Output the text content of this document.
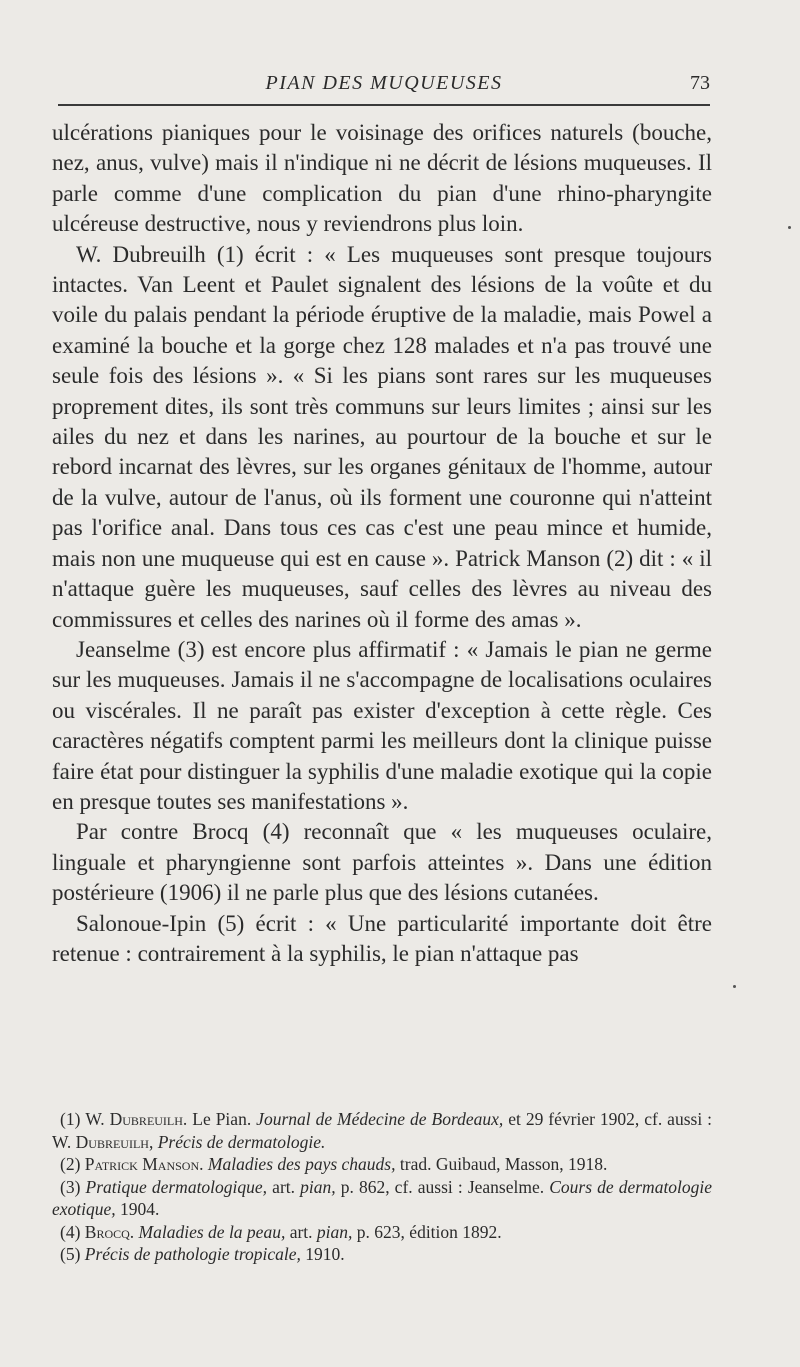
PIAN DES MUQUEUSES	73

ulcérations pianiques pour le voisinage des orifices naturels (bouche, nez, anus, vulve) mais il n'indique ni ne décrit de lésions muqueuses. Il parle comme d'une complication du pian d'une rhino-pharyngite ulcéreuse destructive, nous y reviendrons plus loin.

W. Dubreuilh (1) écrit : « Les muqueuses sont presque toujours intactes. Van Leent et Paulet signalent des lésions de la voûte et du voile du palais pendant la période éruptive de la maladie, mais Powel a examiné la bouche et la gorge chez 128 malades et n'a pas trouvé une seule fois des lésions ». « Si les pians sont rares sur les muqueuses proprement dites, ils sont très communs sur leurs limites ; ainsi sur les ailes du nez et dans les narines, au pourtour de la bouche et sur le rebord incarnat des lèvres, sur les organes génitaux de l'homme, autour de la vulve, autour de l'anus, où ils forment une couronne qui n'atteint pas l'orifice anal. Dans tous ces cas c'est une peau mince et humide, mais non une muqueuse qui est en cause ». Patrick Manson (2) dit : « il n'attaque guère les muqueuses, sauf celles des lèvres au niveau des commissures et celles des narines où il forme des amas ».

Jeanselme (3) est encore plus affirmatif : « Jamais le pian ne germe sur les muqueuses. Jamais il ne s'accompagne de localisations oculaires ou viscérales. Il ne paraît pas exister d'exception à cette règle. Ces caractères négatifs comptent parmi les meilleurs dont la clinique puisse faire état pour distinguer la syphilis d'une maladie exotique qui la copie en presque toutes ses manifestations ».

Par contre Brocq (4) reconnaît que « les muqueuses oculaire, linguale et pharyngienne sont parfois atteintes ». Dans une édition postérieure (1906) il ne parle plus que des lésions cutanées.

Salonoue-Ipin (5) écrit : « Une particularité importante doit être retenue : contrairement à la syphilis, le pian n'attaque pas

(1) W. Dubreuilh. Le Pian. Journal de Médecine de Bordeaux, et 29 février 1902, cf. aussi : W. Dubreuilh, Précis de dermatologie.

(2) Patrick Manson. Maladies des pays chauds, trad. Guibaud, Masson, 1918.

(3) Pratique dermatologique, art. pian, p. 862, cf. aussi : Jeanselme. Cours de dermatologie exotique, 1904.

(4) Brocq. Maladies de la peau, art. pian, p. 623, édition 1892.

(5) Précis de pathologie tropicale, 1910.
